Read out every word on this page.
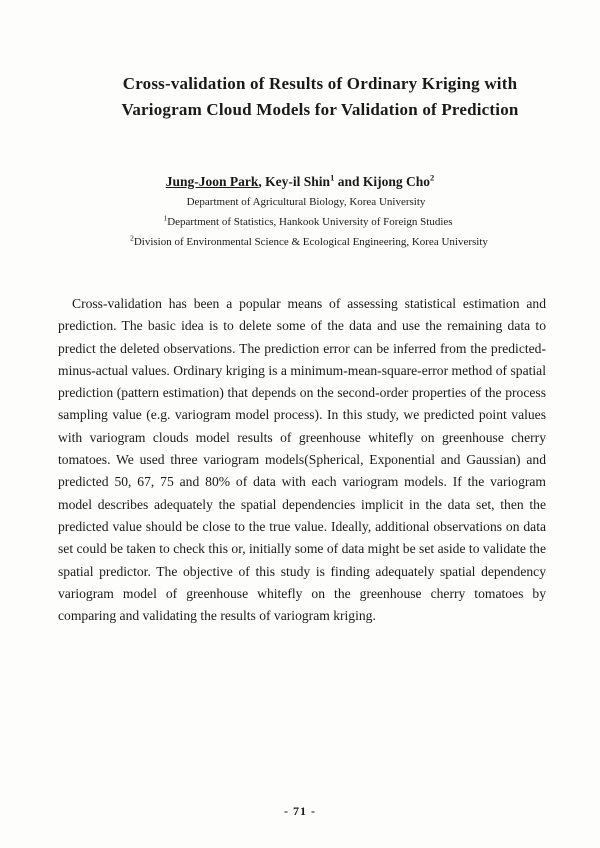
Cross-validation of Results of Ordinary Kriging with
Variogram Cloud Models for Validation of Prediction
Jung-Joon Park, Key-il Shin$^1$ and Kijong Cho$^2$
Department of Agricultural Biology, Korea University
$^1$Department of Statistics, Hankook University of Foreign Studies
$^2$Division of Environmental Science & Ecological Engineering, Korea University

Cross-validation has been a popular means of assessing statistical estimation and prediction. The basic idea is to delete some of the data and use the remaining data to predict the deleted observations. The prediction error can be inferred from the predicted-minus-actual values. Ordinary kriging is a minimum-mean-square-error method of spatial prediction (pattern estimation) that depends on the second-order properties of the process sampling value (e.g. variogram model process). In this study, we predicted point values with variogram clouds model results of greenhouse whitefly on greenhouse cherry tomatoes. We used three variogram models(Spherical, Exponential and Gaussian) and predicted 50, 67, 75 and 80% of data with each variogram models. If the variogram model describes adequately the spatial dependencies implicit in the data set, then the predicted value should be close to the true value. Ideally, additional observations on data set could be taken to check this or, initially some of data might be set aside to validate the spatial predictor. The objective of this study is finding adequately spatial dependency variogram model of greenhouse whitefly on the greenhouse cherry tomatoes by comparing and validating the results of variogram kriging.

- 71 -
